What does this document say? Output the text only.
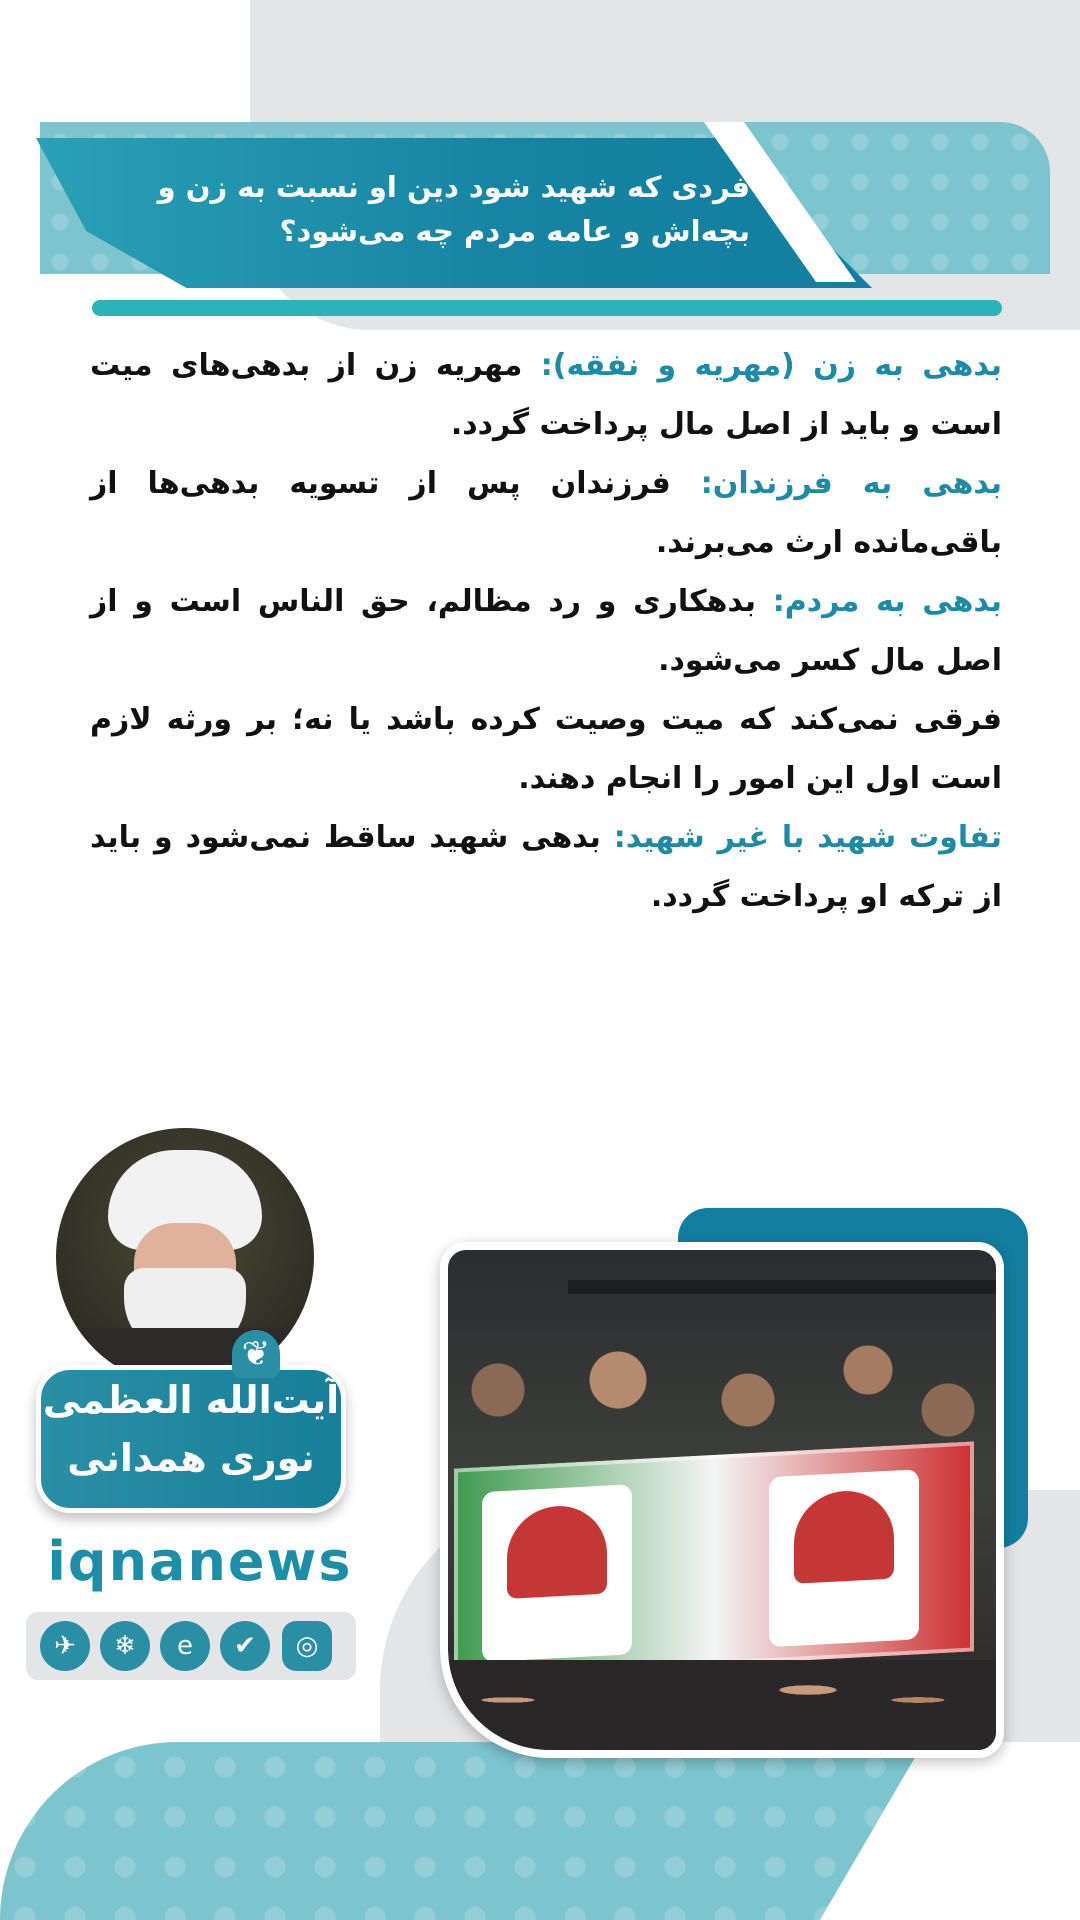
فردی که شهید شود دین او نسبت به زن و بچه‌اش و عامه مردم چه می‌شود؟

بدهی به زن (مهریه و نفقه): مهریه زن از بدهی‌های میت است و باید از اصل مال پرداخت گردد.

بدهی به فرزندان: فرزندان پس از تسویه بدهی‌ها از باقی‌مانده ارث می‌برند.

بدهی به مردم: بدهکاری و رد مظالم، حق الناس است و از اصل مال کسر می‌شود.

فرقی نمی‌کند که میت وصیت کرده باشد یا نه؛ بر ورثه لازم است اول این امور را انجام دهند.

تفاوت شهید با غیر شهید: بدهی شهید ساقط نمی‌شود و باید از ترکه او پرداخت گردد.

آیت‌الله العظمی
نوری همدانی
❦
iqnanews
✈	❄	e	✔	◎
